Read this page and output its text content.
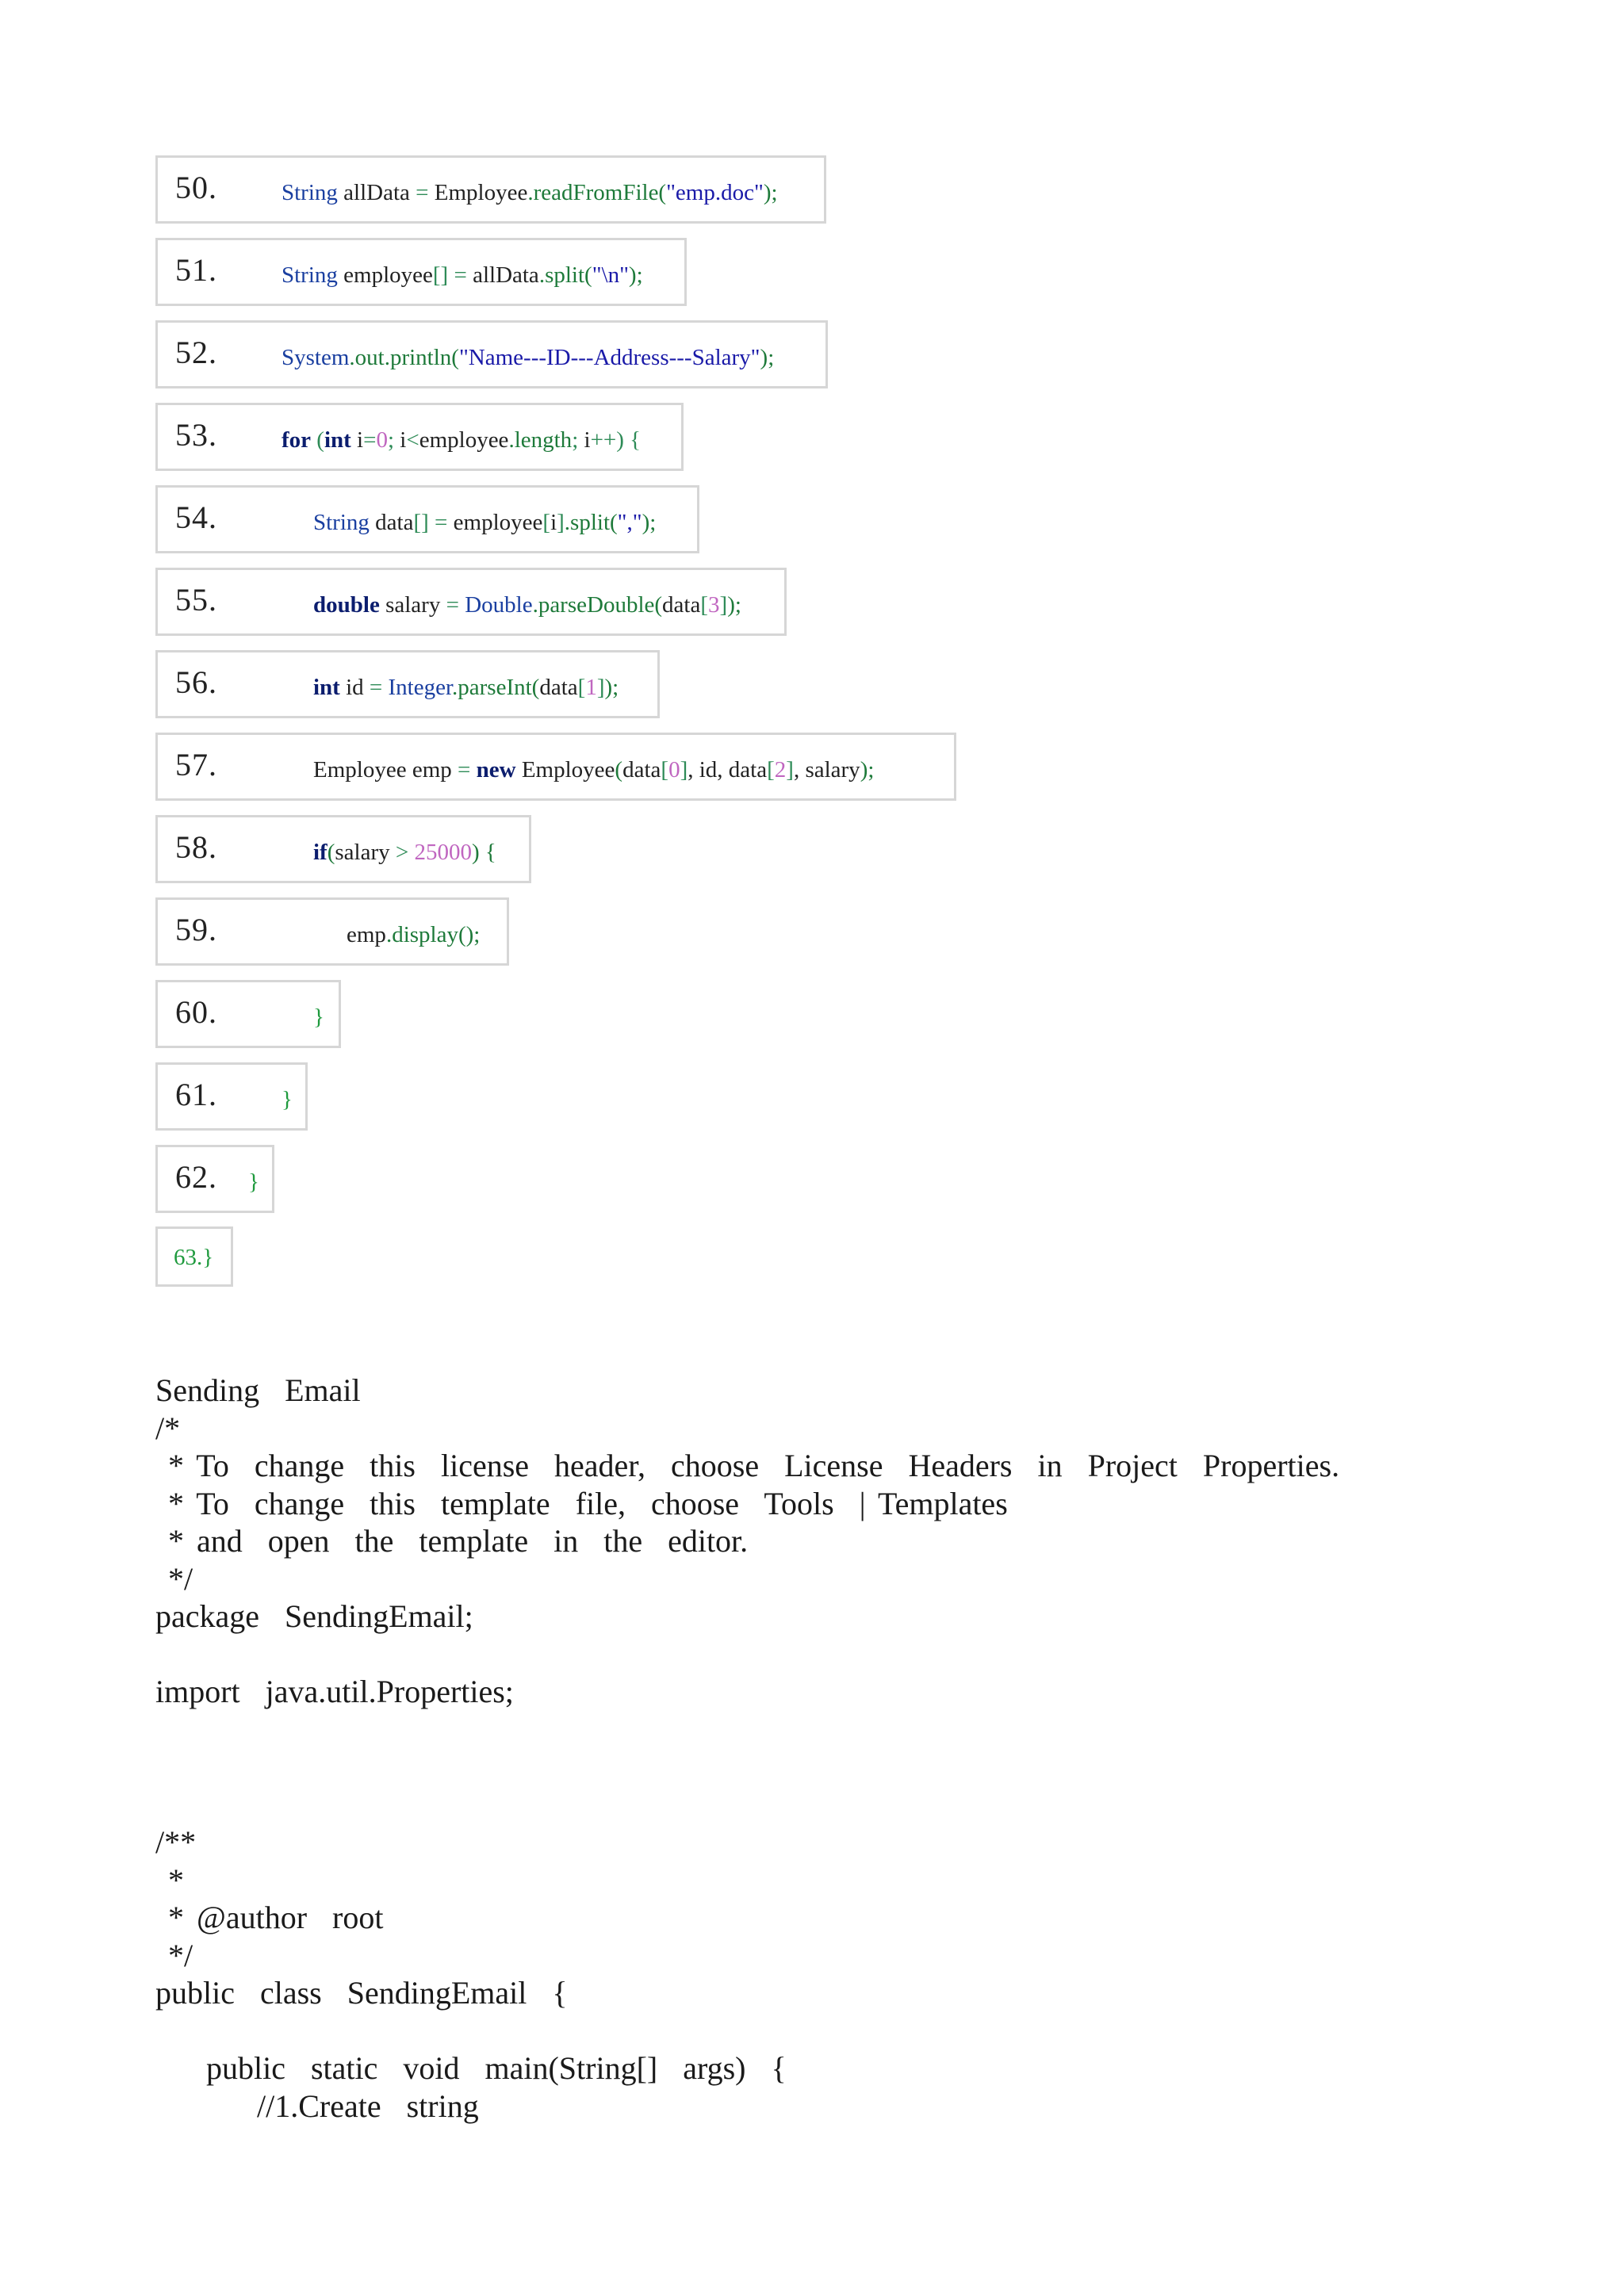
50.	String allData = Employee.readFromFile("emp.doc");
51.	String employee[] = allData.split("\n");
52.	System.out.println("Name---ID---Address---Salary");
53.	for (int i=0; i<employee.length; i++) {
54.	String data[] = employee[i].split(",");
55.	double salary = Double.parseDouble(data[3]);
56.	int id = Integer.parseInt(data[1]);
57.	Employee emp = new Employee(data[0], id, data[2], salary);
58.	if(salary > 25000) {
59.	emp.display();
60.	}
61.	}
62. }
63.}
Sending  Email
/*
* To  change  this  license  header,  choose  License  Headers  in  Project  Properties.
* To  change  this  template  file,  choose  Tools  | Templates
* and  open  the  template  in  the  editor.
*/
package  SendingEmail;
import  java.util.Properties;
/**
*
* @author  root
*/
public  class  SendingEmail  {
public  static  void  main(String[]  args)  {
//1.Create  string
